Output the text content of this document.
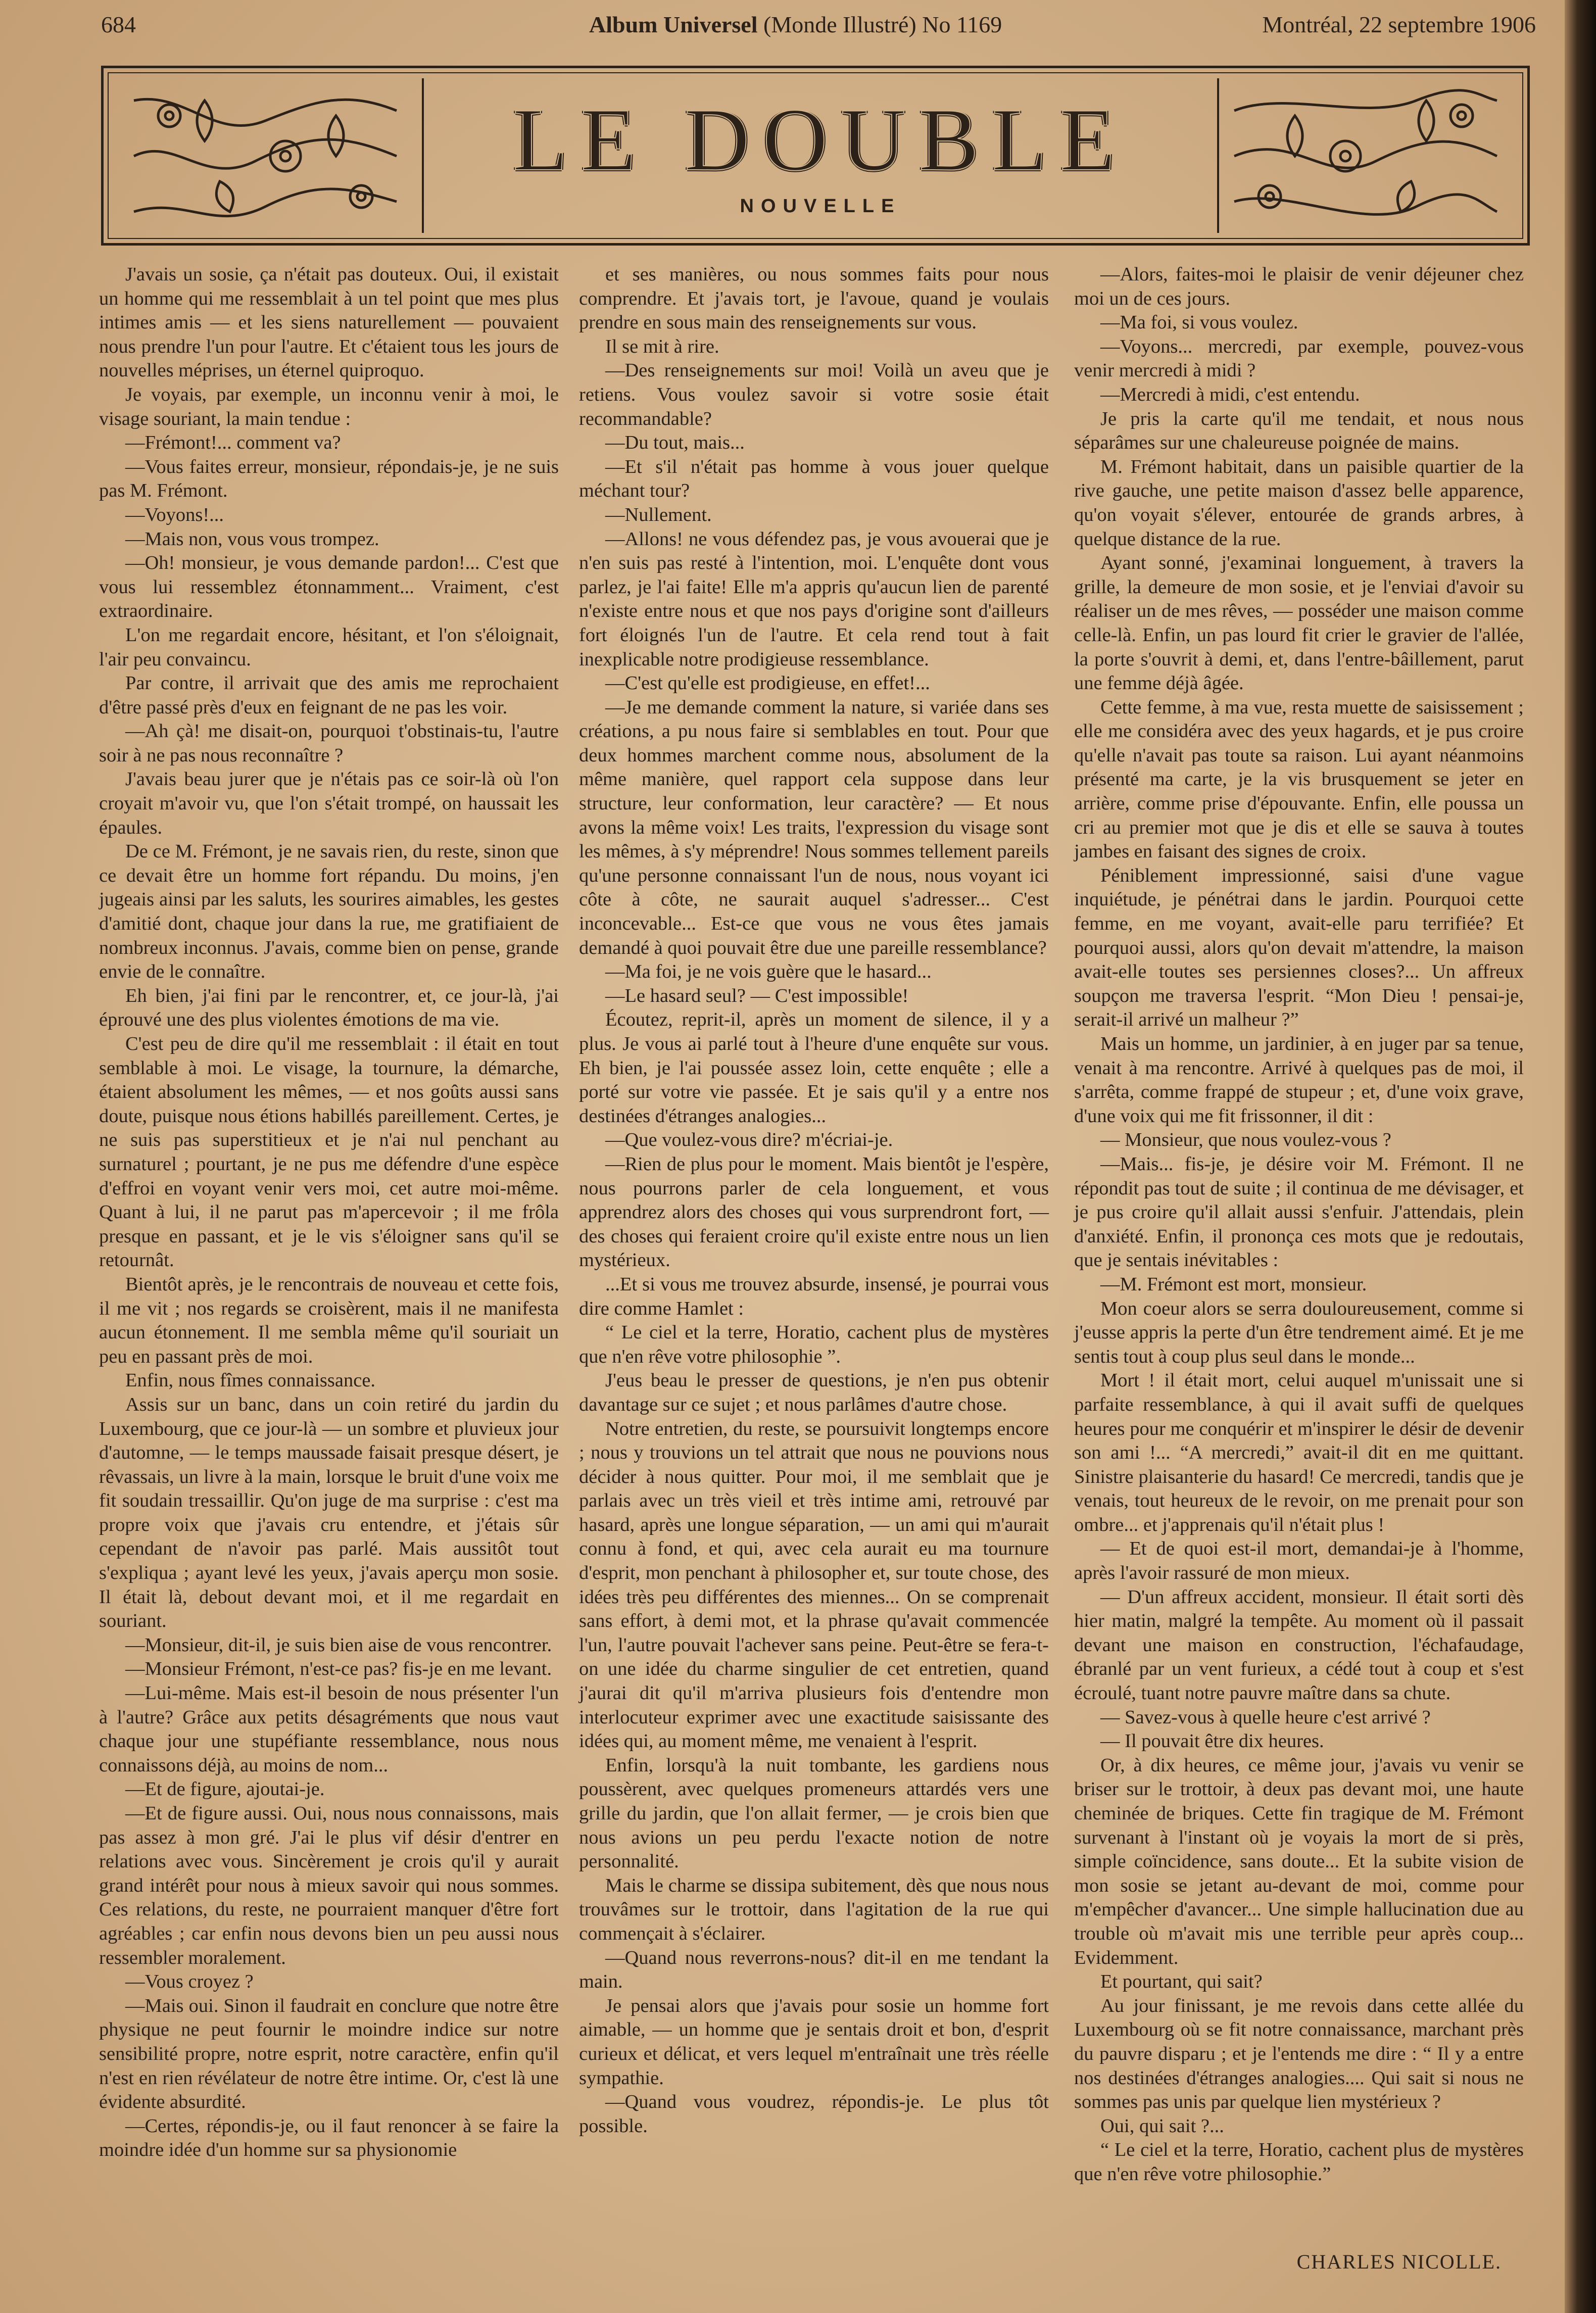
684	Album Universel (Monde Illustré) No 1169	Montréal, 22 septembre 1906
LE DOUBLE
NOUVELLE

J'avais un sosie, ça n'était pas douteux. Oui, il existait un homme qui me ressemblait à un tel point que mes plus intimes amis — et les siens naturellement — pouvaient nous prendre l'un pour l'autre. Et c'étaient tous les jours de nouvelles méprises, un éternel quiproquo.

Je voyais, par exemple, un inconnu venir à moi, le visage souriant, la main tendue :

—Frémont!... comment va?

—Vous faites erreur, monsieur, répondais-je, je ne suis pas M. Frémont.

—Voyons!...

—Mais non, vous vous trompez.

—Oh! monsieur, je vous demande pardon!... C'est que vous lui ressemblez étonnamment... Vraiment, c'est extraordinaire.

L'on me regardait encore, hésitant, et l'on s'éloignait, l'air peu convaincu.

Par contre, il arrivait que des amis me reprochaient d'être passé près d'eux en feignant de ne pas les voir.

—Ah çà! me disait-on, pourquoi t'obstinais-tu, l'autre soir à ne pas nous reconnaître ?

J'avais beau jurer que je n'étais pas ce soir-là où l'on croyait m'avoir vu, que l'on s'était trompé, on haussait les épaules.

De ce M. Frémont, je ne savais rien, du reste, sinon que ce devait être un homme fort répandu. Du moins, j'en jugeais ainsi par les saluts, les sourires aimables, les gestes d'amitié dont, chaque jour dans la rue, me gratifiaient de nombreux inconnus. J'avais, comme bien on pense, grande envie de le connaître.

Eh bien, j'ai fini par le rencontrer, et, ce jour-là, j'ai éprouvé une des plus violentes émotions de ma vie.

C'est peu de dire qu'il me ressemblait : il était en tout semblable à moi. Le visage, la tournure, la démarche, étaient absolument les mêmes, — et nos goûts aussi sans doute, puisque nous étions habillés pareillement. Certes, je ne suis pas superstitieux et je n'ai nul penchant au surnaturel ; pourtant, je ne pus me défendre d'une espèce d'effroi en voyant venir vers moi, cet autre moi-même. Quant à lui, il ne parut pas m'apercevoir ; il me frôla presque en passant, et je le vis s'éloigner sans qu'il se retournât.

Bientôt après, je le rencontrais de nouveau et cette fois, il me vit ; nos regards se croisèrent, mais il ne manifesta aucun étonnement. Il me sembla même qu'il souriait un peu en passant près de moi.

Enfin, nous fîmes connaissance.

Assis sur un banc, dans un coin retiré du jardin du Luxembourg, que ce jour-là — un sombre et pluvieux jour d'automne, — le temps maussade faisait presque désert, je rêvassais, un livre à la main, lorsque le bruit d'une voix me fit soudain tressaillir. Qu'on juge de ma surprise : c'est ma propre voix que j'avais cru entendre, et j'étais sûr cependant de n'avoir pas parlé. Mais aussitôt tout s'expliqua ; ayant levé les yeux, j'avais aperçu mon sosie. Il était là, debout devant moi, et il me regardait en souriant.

—Monsieur, dit-il, je suis bien aise de vous rencontrer.

—Monsieur Frémont, n'est-ce pas? fis-je en me levant.

—Lui-même. Mais est-il besoin de nous présenter l'un à l'autre? Grâce aux petits désagréments que nous vaut chaque jour une stupéfiante ressemblance, nous nous connaissons déjà, au moins de nom...

—Et de figure, ajoutai-je.

—Et de figure aussi. Oui, nous nous connaissons, mais pas assez à mon gré. J'ai le plus vif désir d'entrer en relations avec vous. Sincèrement je crois qu'il y aurait grand intérêt pour nous à mieux savoir qui nous sommes. Ces relations, du reste, ne pourraient manquer d'être fort agréables ; car enfin nous devons bien un peu aussi nous ressembler moralement.

—Vous croyez ?

—Mais oui. Sinon il faudrait en conclure que notre être physique ne peut fournir le moindre indice sur notre sensibilité propre, notre esprit, notre caractère, enfin qu'il n'est en rien révélateur de notre être intime. Or, c'est là une évidente absurdité.

—Certes, répondis-je, ou il faut renoncer à se faire la moindre idée d'un homme sur sa physionomie

et ses manières, ou nous sommes faits pour nous comprendre. Et j'avais tort, je l'avoue, quand je voulais prendre en sous main des renseignements sur vous.

Il se mit à rire.

—Des renseignements sur moi! Voilà un aveu que je retiens. Vous voulez savoir si votre sosie était recommandable?

—Du tout, mais...

—Et s'il n'était pas homme à vous jouer quelque méchant tour?

—Nullement.

—Allons! ne vous défendez pas, je vous avouerai que je n'en suis pas resté à l'intention, moi. L'enquête dont vous parlez, je l'ai faite! Elle m'a appris qu'aucun lien de parenté n'existe entre nous et que nos pays d'origine sont d'ailleurs fort éloignés l'un de l'autre. Et cela rend tout à fait inexplicable notre prodigieuse ressemblance.

—C'est qu'elle est prodigieuse, en effet!...

—Je me demande comment la nature, si variée dans ses créations, a pu nous faire si semblables en tout. Pour que deux hommes marchent comme nous, absolument de la même manière, quel rapport cela suppose dans leur structure, leur conformation, leur caractère? — Et nous avons la même voix! Les traits, l'expression du visage sont les mêmes, à s'y méprendre! Nous sommes tellement pareils qu'une personne connaissant l'un de nous, nous voyant ici côte à côte, ne saurait auquel s'adresser... C'est inconcevable... Est-ce que vous ne vous êtes jamais demandé à quoi pouvait être due une pareille ressemblance?

—Ma foi, je ne vois guère que le hasard...

—Le hasard seul? — C'est impossible!

Écoutez, reprit-il, après un moment de silence, il y a plus. Je vous ai parlé tout à l'heure d'une enquête sur vous. Eh bien, je l'ai poussée assez loin, cette enquête ; elle a porté sur votre vie passée. Et je sais qu'il y a entre nos destinées d'étranges analogies...

—Que voulez-vous dire? m'écriai-je.

—Rien de plus pour le moment. Mais bientôt je l'espère, nous pourrons parler de cela longuement, et vous apprendrez alors des choses qui vous surprendront fort, — des choses qui feraient croire qu'il existe entre nous un lien mystérieux.

...Et si vous me trouvez absurde, insensé, je pourrai vous dire comme Hamlet :

“ Le ciel et la terre, Horatio, cachent plus de mystères que n'en rêve votre philosophie ”.

J'eus beau le presser de questions, je n'en pus obtenir davantage sur ce sujet ; et nous parlâmes d'autre chose.

Notre entretien, du reste, se poursuivit longtemps encore ; nous y trouvions un tel attrait que nous ne pouvions nous décider à nous quitter. Pour moi, il me semblait que je parlais avec un très vieil et très intime ami, retrouvé par hasard, après une longue séparation, — un ami qui m'aurait connu à fond, et qui, avec cela aurait eu ma tournure d'esprit, mon penchant à philosopher et, sur toute chose, des idées très peu différentes des miennes... On se comprenait sans effort, à demi mot, et la phrase qu'avait commencée l'un, l'autre pouvait l'achever sans peine. Peut-être se fera-t-on une idée du charme singulier de cet entretien, quand j'aurai dit qu'il m'arriva plusieurs fois d'entendre mon interlocuteur exprimer avec une exactitude saisissante des idées qui, au moment même, me venaient à l'esprit.

Enfin, lorsqu'à la nuit tombante, les gardiens nous poussèrent, avec quelques promeneurs attardés vers une grille du jardin, que l'on allait fermer, — je crois bien que nous avions un peu perdu l'exacte notion de notre personnalité.

Mais le charme se dissipa subitement, dès que nous nous trouvâmes sur le trottoir, dans l'agitation de la rue qui commençait à s'éclairer.

—Quand nous reverrons-nous? dit-il en me tendant la main.

Je pensai alors que j'avais pour sosie un homme fort aimable, — un homme que je sentais droit et bon, d'esprit curieux et délicat, et vers lequel m'entraînait une très réelle sympathie.

—Quand vous voudrez, répondis-je. Le plus tôt possible.

—Alors, faites-moi le plaisir de venir déjeuner chez moi un de ces jours.

—Ma foi, si vous voulez.

—Voyons... mercredi, par exemple, pouvez-vous venir mercredi à midi ?

—Mercredi à midi, c'est entendu.

Je pris la carte qu'il me tendait, et nous nous séparâmes sur une chaleureuse poignée de mains.

M. Frémont habitait, dans un paisible quartier de la rive gauche, une petite maison d'assez belle apparence, qu'on voyait s'élever, entourée de grands arbres, à quelque distance de la rue.

Ayant sonné, j'examinai longuement, à travers la grille, la demeure de mon sosie, et je l'enviai d'avoir su réaliser un de mes rêves, — posséder une maison comme celle-là. Enfin, un pas lourd fit crier le gravier de l'allée, la porte s'ouvrit à demi, et, dans l'entre-bâillement, parut une femme déjà âgée.

Cette femme, à ma vue, resta muette de saisissement ; elle me considéra avec des yeux hagards, et je pus croire qu'elle n'avait pas toute sa raison. Lui ayant néanmoins présenté ma carte, je la vis brusquement se jeter en arrière, comme prise d'épouvante. Enfin, elle poussa un cri au premier mot que je dis et elle se sauva à toutes jambes en faisant des signes de croix.

Péniblement impressionné, saisi d'une vague inquiétude, je pénétrai dans le jardin. Pourquoi cette femme, en me voyant, avait-elle paru terrifiée? Et pourquoi aussi, alors qu'on devait m'attendre, la maison avait-elle toutes ses persiennes closes?... Un affreux soupçon me traversa l'esprit. “Mon Dieu ! pensai-je, serait-il arrivé un malheur ?”

Mais un homme, un jardinier, à en juger par sa tenue, venait à ma rencontre. Arrivé à quelques pas de moi, il s'arrêta, comme frappé de stupeur ; et, d'une voix grave, d'une voix qui me fit frissonner, il dit :

— Monsieur, que nous voulez-vous ?

—Mais... fis-je, je désire voir M. Frémont. Il ne répondit pas tout de suite ; il continua de me dévisager, et je pus croire qu'il allait aussi s'enfuir. J'attendais, plein d'anxiété. Enfin, il prononça ces mots que je redoutais, que je sentais inévitables :

—M. Frémont est mort, monsieur.

Mon coeur alors se serra douloureusement, comme si j'eusse appris la perte d'un être tendrement aimé. Et je me sentis tout à coup plus seul dans le monde...

Mort ! il était mort, celui auquel m'unissait une si parfaite ressemblance, à qui il avait suffi de quelques heures pour me conquérir et m'inspirer le désir de devenir son ami !... “A mercredi,” avait-il dit en me quittant. Sinistre plaisanterie du hasard! Ce mercredi, tandis que je venais, tout heureux de le revoir, on me prenait pour son ombre... et j'apprenais qu'il n'était plus !

— Et de quoi est-il mort, demandai-je à l'homme, après l'avoir rassuré de mon mieux.

— D'un affreux accident, monsieur. Il était sorti dès hier matin, malgré la tempête. Au moment où il passait devant une maison en construction, l'échafaudage, ébranlé par un vent furieux, a cédé tout à coup et s'est écroulé, tuant notre pauvre maître dans sa chute.

— Savez-vous à quelle heure c'est arrivé ?

— Il pouvait être dix heures.

Or, à dix heures, ce même jour, j'avais vu venir se briser sur le trottoir, à deux pas devant moi, une haute cheminée de briques. Cette fin tragique de M. Frémont survenant à l'instant où je voyais la mort de si près, simple coïncidence, sans doute... Et la subite vision de mon sosie se jetant au-devant de moi, comme pour m'empêcher d'avancer... Une simple hallucination due au trouble où m'avait mis une terrible peur après coup... Evidemment.

Et pourtant, qui sait?

Au jour finissant, je me revois dans cette allée du Luxembourg où se fit notre connaissance, marchant près du pauvre disparu ; et je l'entends me dire : “ Il y a entre nos destinées d'étranges analogies.... Qui sait si nous ne sommes pas unis par quelque lien mystérieux ?

Oui, qui sait ?...

“ Le ciel et la terre, Horatio, cachent plus de mystères que n'en rêve votre philosophie.”

CHARLES NICOLLE.
